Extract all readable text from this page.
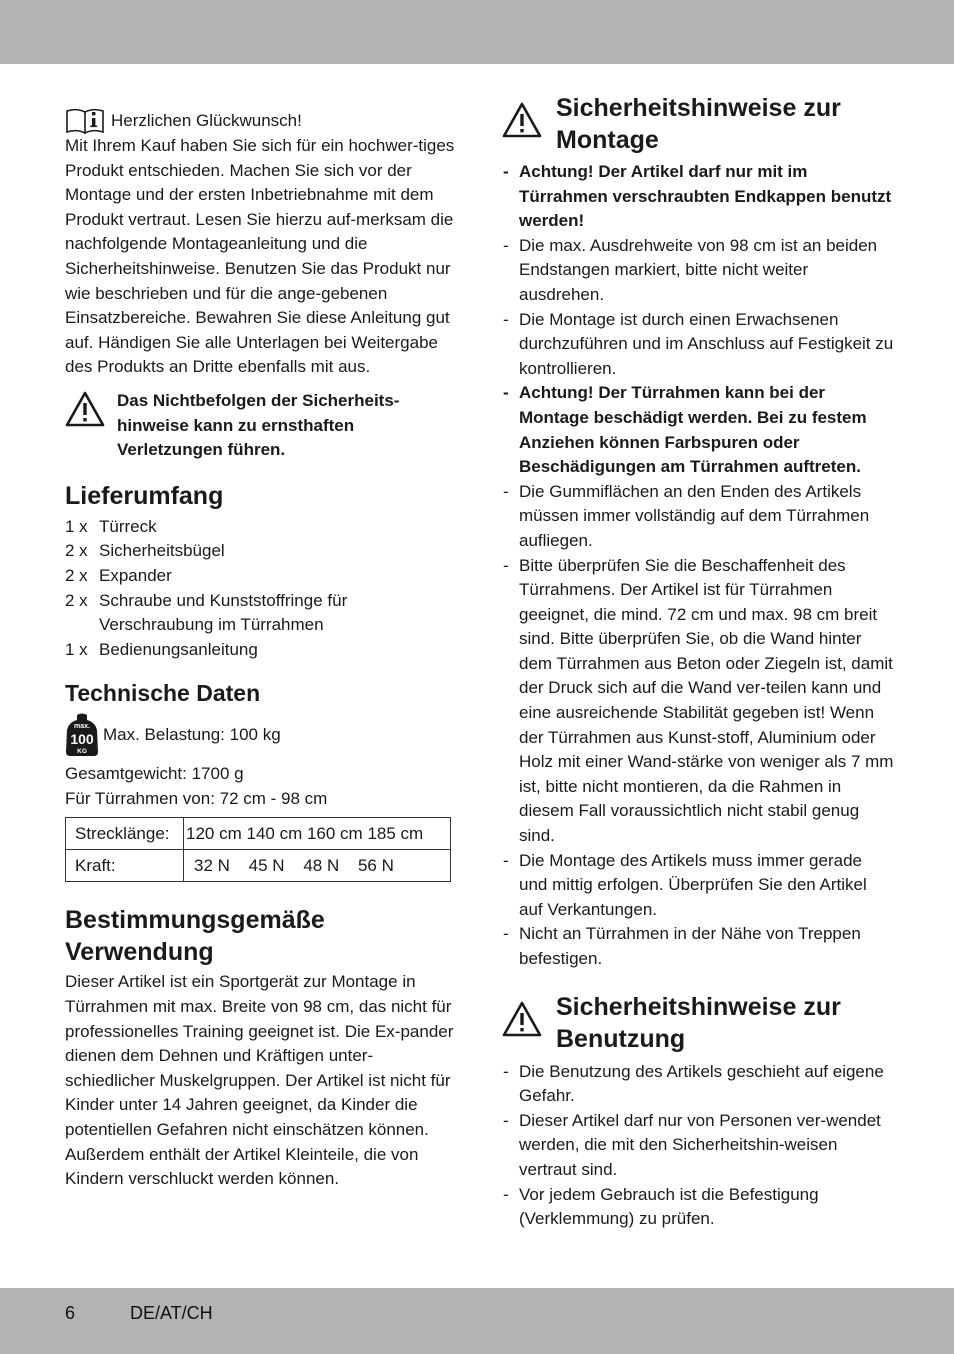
Herzlichen Glückwunsch!

Mit Ihrem Kauf haben Sie sich für ein hochwer-tiges Produkt entschieden. Machen Sie sich vor der Montage und der ersten Inbetriebnahme mit dem Produkt vertraut. Lesen Sie hierzu auf-merksam die nachfolgende Montageanleitung und die Sicherheitshinweise. Benutzen Sie das Produkt nur wie beschrieben und für die ange-gebenen Einsatzbereiche. Bewahren Sie diese Anleitung gut auf. Händigen Sie alle Unterlagen bei Weitergabe des Produkts an Dritte ebenfalls mit aus.

Das Nichtbefolgen der Sicherheits-hinweise kann zu ernsthaften Verletzungen führen.

Lieferumfang
1 x Türreck
2 x Sicherheitsbügel
2 x Expander
2 x Schraube und Kunststoffringe für Verschraubung im Türrahmen
1 x Bedienungsanleitung
Technische Daten
max.
100
KG
Max. Belastung: 100 kg

Gesamtgewicht: 1700 g

Für Türrahmen von: 72 cm - 98 cm

Strecklänge:	120 cm 140 cm 160 cm 185 cm
Kraft:	32 N 45 N 48 N 56 N
Bestimmungsgemäße Verwendung

Dieser Artikel ist ein Sportgerät zur Montage in Türrahmen mit max. Breite von 98 cm, das nicht für professionelles Training geeignet ist. Die Ex-pander dienen dem Dehnen und Kräftigen unter-schiedlicher Muskelgruppen. Der Artikel ist nicht für Kinder unter 14 Jahren geeignet, da Kinder die potentiellen Gefahren nicht einschätzen können. Außerdem enthält der Artikel Kleinteile, die von Kindern verschluckt werden können.

Sicherheitshinweise zur Montage
- Achtung! Der Artikel darf nur mit im Türrahmen verschraubten Endkappen benutzt werden!
- Die max. Ausdrehweite von 98 cm ist an beiden Endstangen markiert, bitte nicht weiter ausdrehen.
- Die Montage ist durch einen Erwachsenen durchzuführen und im Anschluss auf Festigkeit zu kontrollieren.
- Achtung! Der Türrahmen kann bei der Montage beschädigt werden. Bei zu festem Anziehen können Farbspuren oder Beschädigungen am Türrahmen auftreten.
- Die Gummiflächen an den Enden des Artikels müssen immer vollständig auf dem Türrahmen aufliegen.
- Bitte überprüfen Sie die Beschaffenheit des Türrahmens. Der Artikel ist für Türrahmen geeignet, die mind. 72 cm und max. 98 cm breit sind. Bitte überprüfen Sie, ob die Wand hinter dem Türrahmen aus Beton oder Ziegeln ist, damit der Druck sich auf die Wand ver-teilen kann und eine ausreichende Stabilität gegeben ist! Wenn der Türrahmen aus Kunst-stoff, Aluminium oder Holz mit einer Wand-stärke von weniger als 7 mm ist, bitte nicht montieren, da die Rahmen in diesem Fall voraussichtlich nicht stabil genug sind.
- Die Montage des Artikels muss immer gerade und mittig erfolgen. Überprüfen Sie den Artikel auf Verkantungen.
- Nicht an Türrahmen in der Nähe von Treppen befestigen.
Sicherheitshinweise zur Benutzung
- Die Benutzung des Artikels geschieht auf eigene Gefahr.
- Dieser Artikel darf nur von Personen ver-wendet werden, die mit den Sicherheitshin-weisen vertraut sind.
- Vor jedem Gebrauch ist die Befestigung (Verklemmung) zu prüfen.
6	DE/AT/CH
